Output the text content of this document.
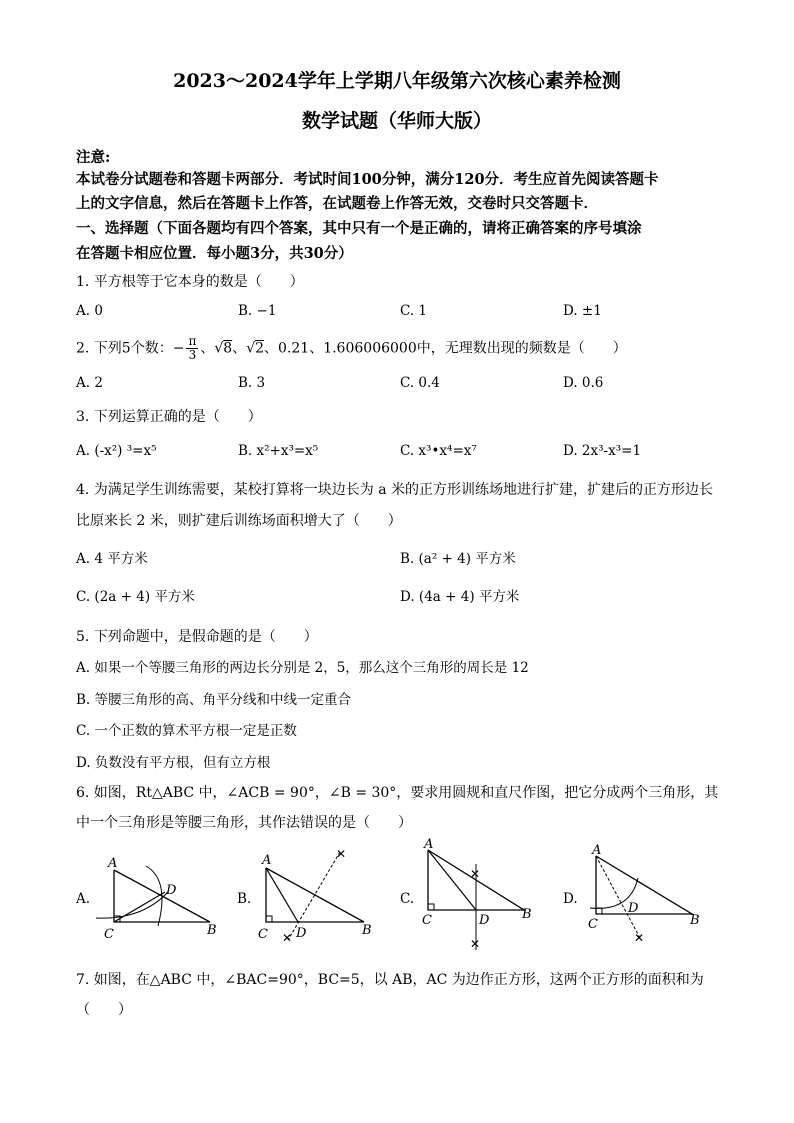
2023～2024学年上学期八年级第六次核心素养检测
数学试题（华师大版）
注意:
本试卷分试题卷和答题卡两部分．考试时间100分钟，满分120分．考生应首先阅读答题卡
上的文字信息，然后在答题卡上作答，在试题卷上作答无效，交卷时只交答题卡．
一、选择题（下面各题均有四个答案，其中只有一个是正确的，请将正确答案的序号填涂
在答题卡相应位置．每小题3分，共30分）
1. 平方根等于它本身的数是（　　）
A. 0	B. −1	C. 1	D. ±1
2. 下列5个数：− $\frac{\pi}{3}$ 、√8、√2、0.21、1.606006000中，无理数出现的频数是（　　）
A. 2	B. 3	C. 0.4	D. 0.6
3. 下列运算正确的是（　　）
A. (-x²) ³=x⁵	B. x²+x³=x⁵	C. x³•x⁴=x⁷	D. 2x³-x³=1
4. 为满足学生训练需要，某校打算将一块边长为 a 米的正方形训练场地进行扩建，扩建后的正方形边长
比原来长 2 米，则扩建后训练场面积增大了（　　）
A. 4 平方米	B. (a² + 4) 平方米
C. (2a + 4) 平方米	D. (4a + 4) 平方米
5. 下列命题中，是假命题的是（　　）
A. 如果一个等腰三角形的两边长分别是 2，5，那么这个三角形的周长是 12
B. 等腰三角形的高、角平分线和中线一定重合
C. 一个正数的算术平方根一定是正数
D. 负数没有平方根，但有立方根
6. 如图，Rt△ABC 中，∠ACB = 90°，∠B = 30°，要求用圆规和直尺作图，把它分成两个三角形，其
中一个三角形是等腰三角形，其作法错误的是（　　）
A.
A
C	B
D
B.
✕
✕
A
C	B
D
C.
✕
✕
A
C	B
D
D.
✕
A
C	B
D
7. 如图，在△ABC 中，∠BAC=90°，BC=5，以 AB，AC 为边作正方形，这两个正方形的面积和为
（　　）
